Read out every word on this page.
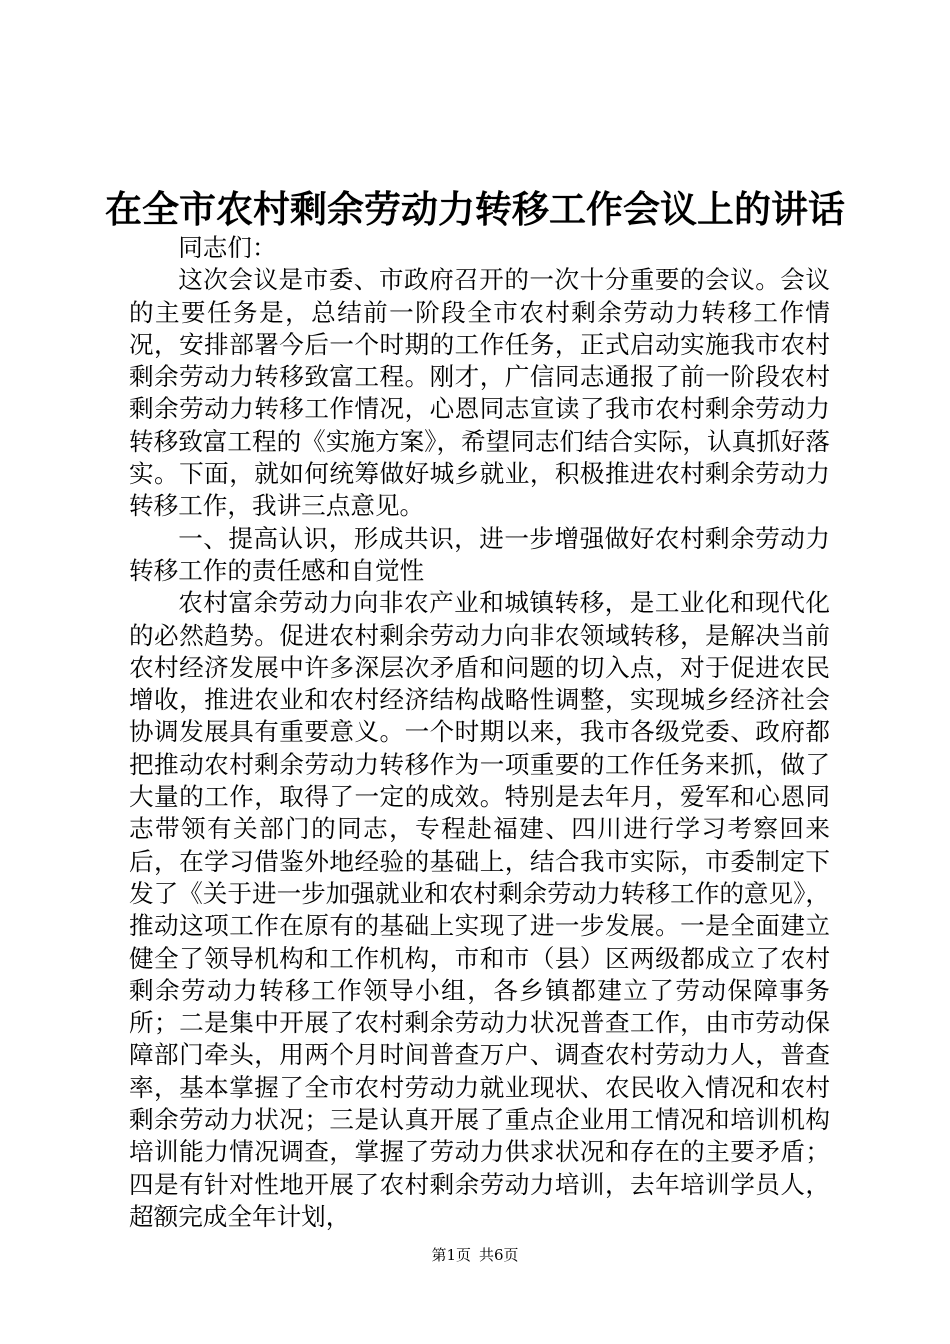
在全市农村剩余劳动力转移工作会议上的讲话

同志们：

这次会议是市委、市政府召开的一次十分重要的会议。会议的主要任务是，总结前一阶段全市农村剩余劳动力转移工作情况，安排部署今后一个时期的工作任务，正式启动实施我市农村剩余劳动力转移致富工程。刚才，广信同志通报了前一阶段农村剩余劳动力转移工作情况，心恩同志宣读了我市农村剩余劳动力转移致富工程的《实施方案》，希望同志们结合实际，认真抓好落实。下面，就如何统筹做好城乡就业，积极推进农村剩余劳动力转移工作，我讲三点意见。

一、提高认识，形成共识，进一步增强做好农村剩余劳动力转移工作的责任感和自觉性

农村富余劳动力向非农产业和城镇转移，是工业化和现代化的必然趋势。促进农村剩余劳动力向非农领域转移，是解决当前农村经济发展中许多深层次矛盾和问题的切入点，对于促进农民增收，推进农业和农村经济结构战略性调整，实现城乡经济社会协调发展具有重要意义。一个时期以来，我市各级党委、政府都把推动农村剩余劳动力转移作为一项重要的工作任务来抓，做了大量的工作，取得了一定的成效。特别是去年月，爱军和心恩同志带领有关部门的同志，专程赴福建、四川进行学习考察回来后，在学习借鉴外地经验的基础上，结合我市实际，市委制定下发了《关于进一步加强就业和农村剩余劳动力转移工作的意见》，推动这项工作在原有的基础上实现了进一步发展。一是全面建立健全了领导机构和工作机构，市和市（县）区两级都成立了农村剩余劳动力转移工作领导小组，各乡镇都建立了劳动保障事务所；二是集中开展了农村剩余劳动力状况普查工作，由市劳动保障部门牵头，用两个月时间普查万户、调查农村劳动力人，普查率，基本掌握了全市农村劳动力就业现状、农民收入情况和农村剩余劳动力状况；三是认真开展了重点企业用工情况和培训机构培训能力情况调查，掌握了劳动力供求状况和存在的主要矛盾；四是有针对性地开展了农村剩余劳动力培训，去年培训学员人，超额完成全年计划，

第1页 共6页
